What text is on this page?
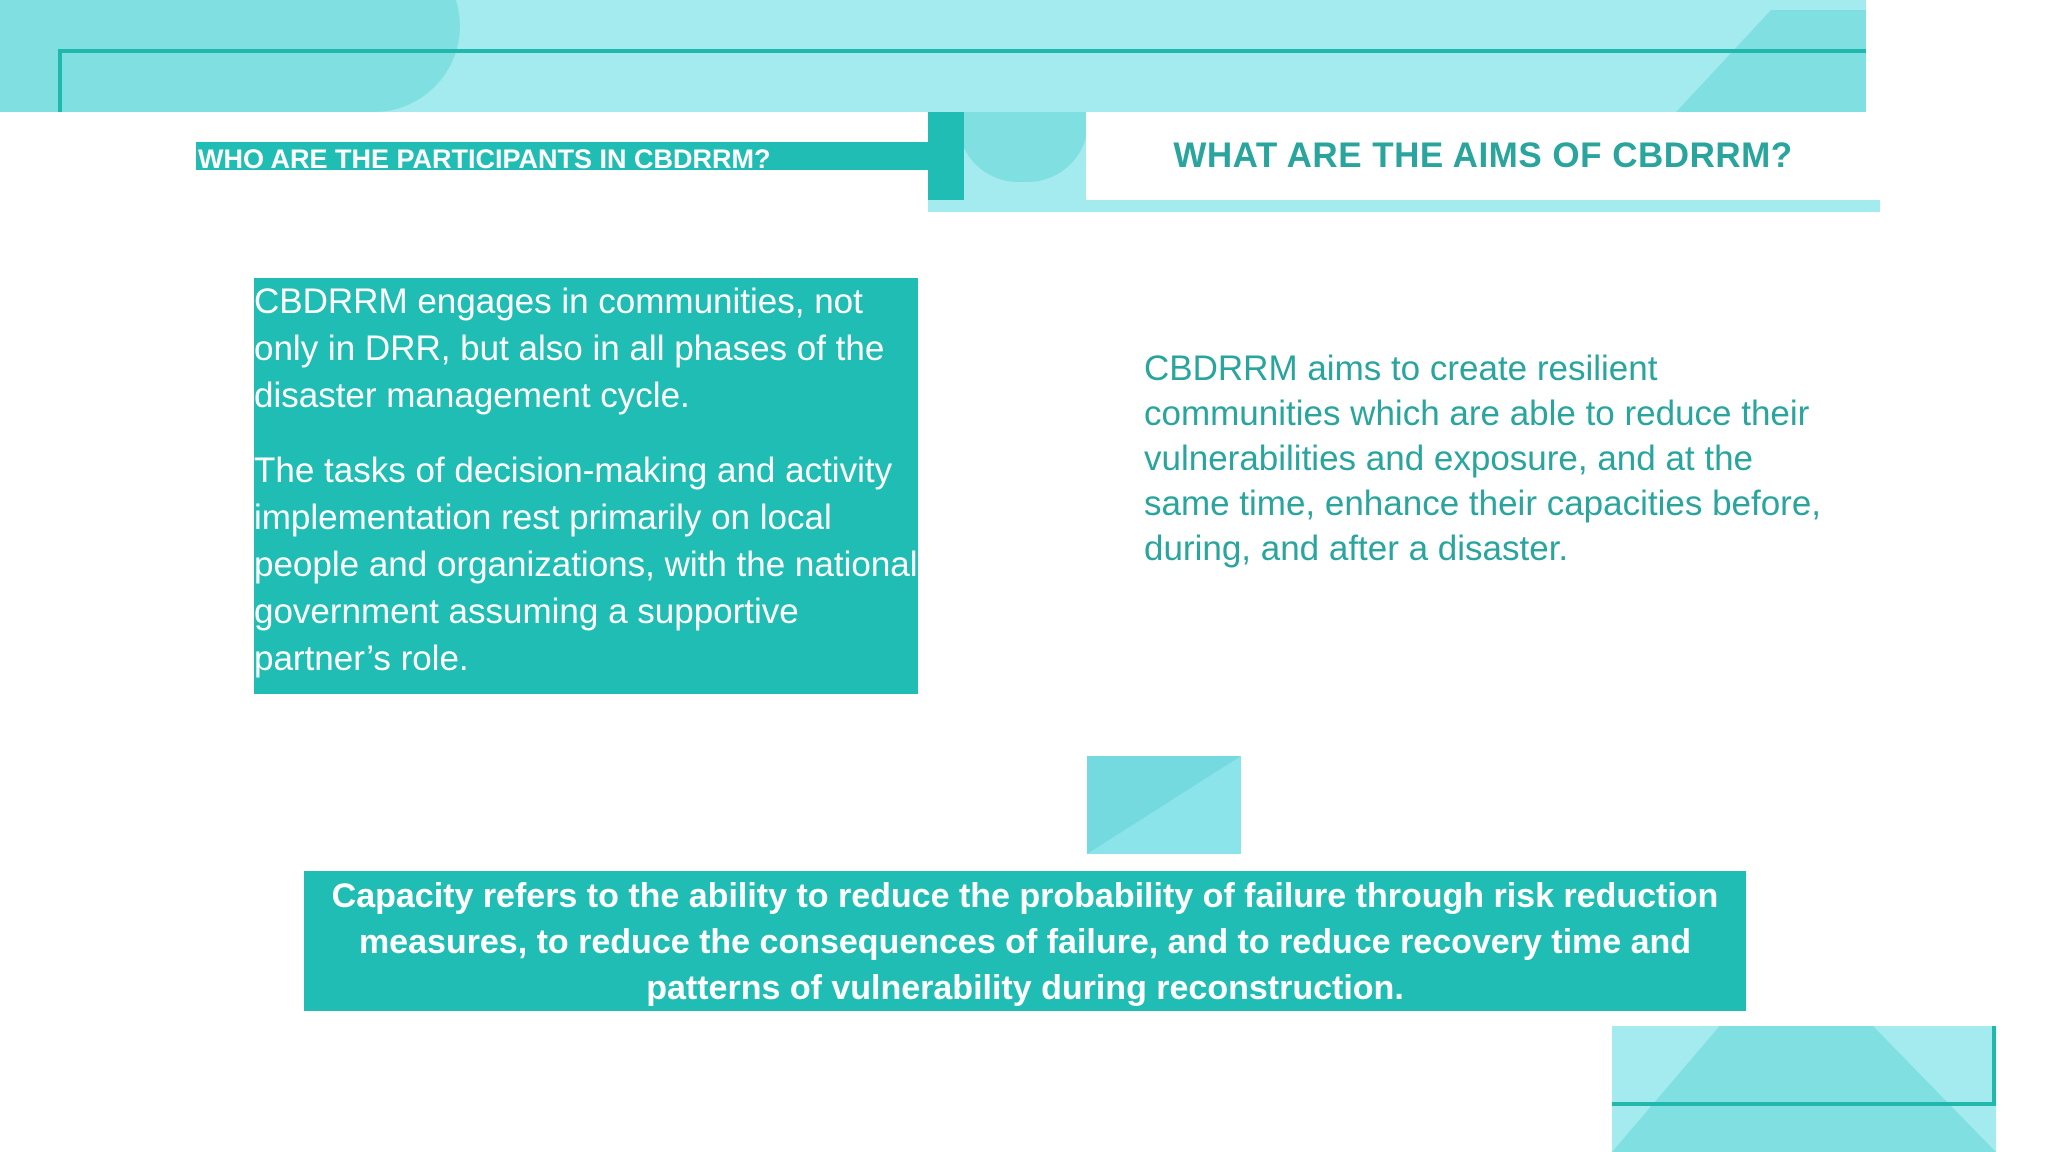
WHAT ARE THE AIMS OF CBDRRM?
WHO ARE THE PARTICIPANTS IN CBDRRM?

CBDRRM engages in communities, not only in DRR, but also in all phases of the disaster management cycle.

The tasks of decision-making and activity implementation rest primarily on local people and organizations, with the national government assuming a supportive partner’s role.

CBDRRM aims to create resilient communities which are able to reduce their vulnerabilities and exposure, and at the same time, enhance their capacities before, during, and after a disaster.
Capacity refers to the ability to reduce the probability of failure through risk reduction measures, to reduce the consequences of failure, and to reduce recovery time and patterns of vulnerability during reconstruction.
